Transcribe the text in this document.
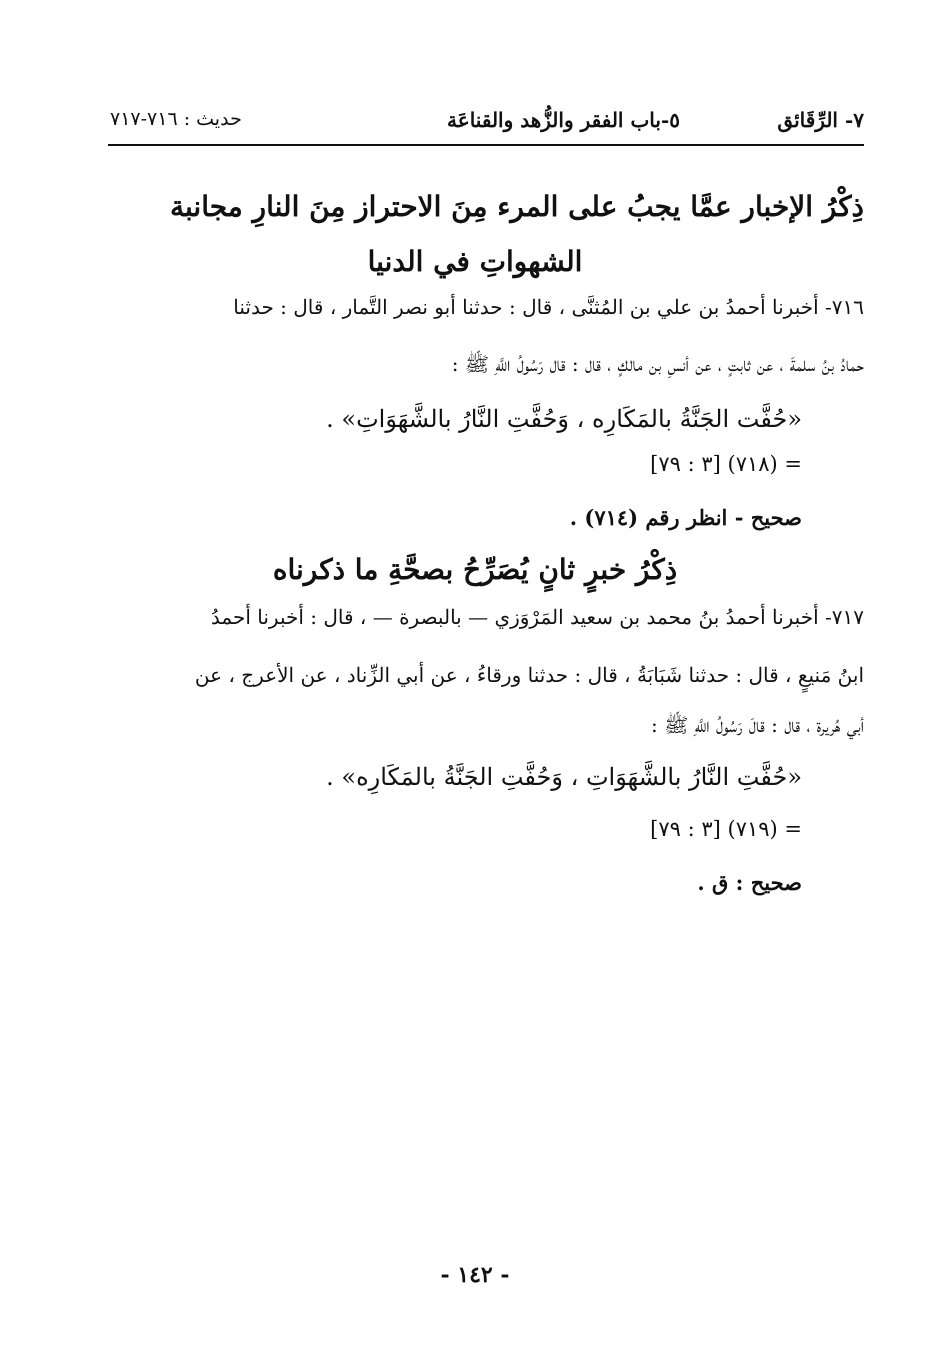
٧- الرِّقَائق
٥-باب الفقر والزُّهد والقناعَة
حديث : ٧١٦-٧١٧
ذِكْرُ الإخبار عمَّا يجبُ على المرء مِنَ الاحتراز مِنَ النارِ مجانبة
الشهواتِ في الدنيا
٧١٦- أخبرنا أحمدُ بن علي بن المُثنَّى ، قال : حدثنا أبو نصر التَّمار ، قال : حدثنا
حمادُ بنُ سلمةَ ، عن ثابتٍ ، عن أنسِ بن مالكٍ ، قال : قال رَسُولُ اللَّهِ ﷺ :
«حُفَّت الجَنَّةُ بالمَكَارِه ، وَحُفَّتِ النَّارُ بالشَّهَوَاتِ» .
= (٧١٨) [٣ : ٧٩]
صحيح - انظر رقم (٧١٤) .
ذِكْرُ خبرٍ ثانٍ يُصَرِّحُ بصحَّةِ ما ذكرناه
٧١٧- أخبرنا أحمدُ بنُ محمد بن سعيد المَرْوَزي — بالبصرة — ، قال : أخبرنا أحمدُ
ابنُ مَنيعٍ ، قال : حدثنا شَبَابَةُ ، قال : حدثنا ورقاءُ ، عن أبي الزِّناد ، عن الأعرج ، عن
أبي هُريرة ، قال : قالَ رَسُولُ اللَّهِ ﷺ :
«حُفَّتِ النَّارُ بالشَّهَوَاتِ ، وَحُفَّتِ الجَنَّةُ بالمَكَارِه» .
= (٧١٩) [٣ : ٧٩]
صحيح : ق .
- ١٤٢ -
